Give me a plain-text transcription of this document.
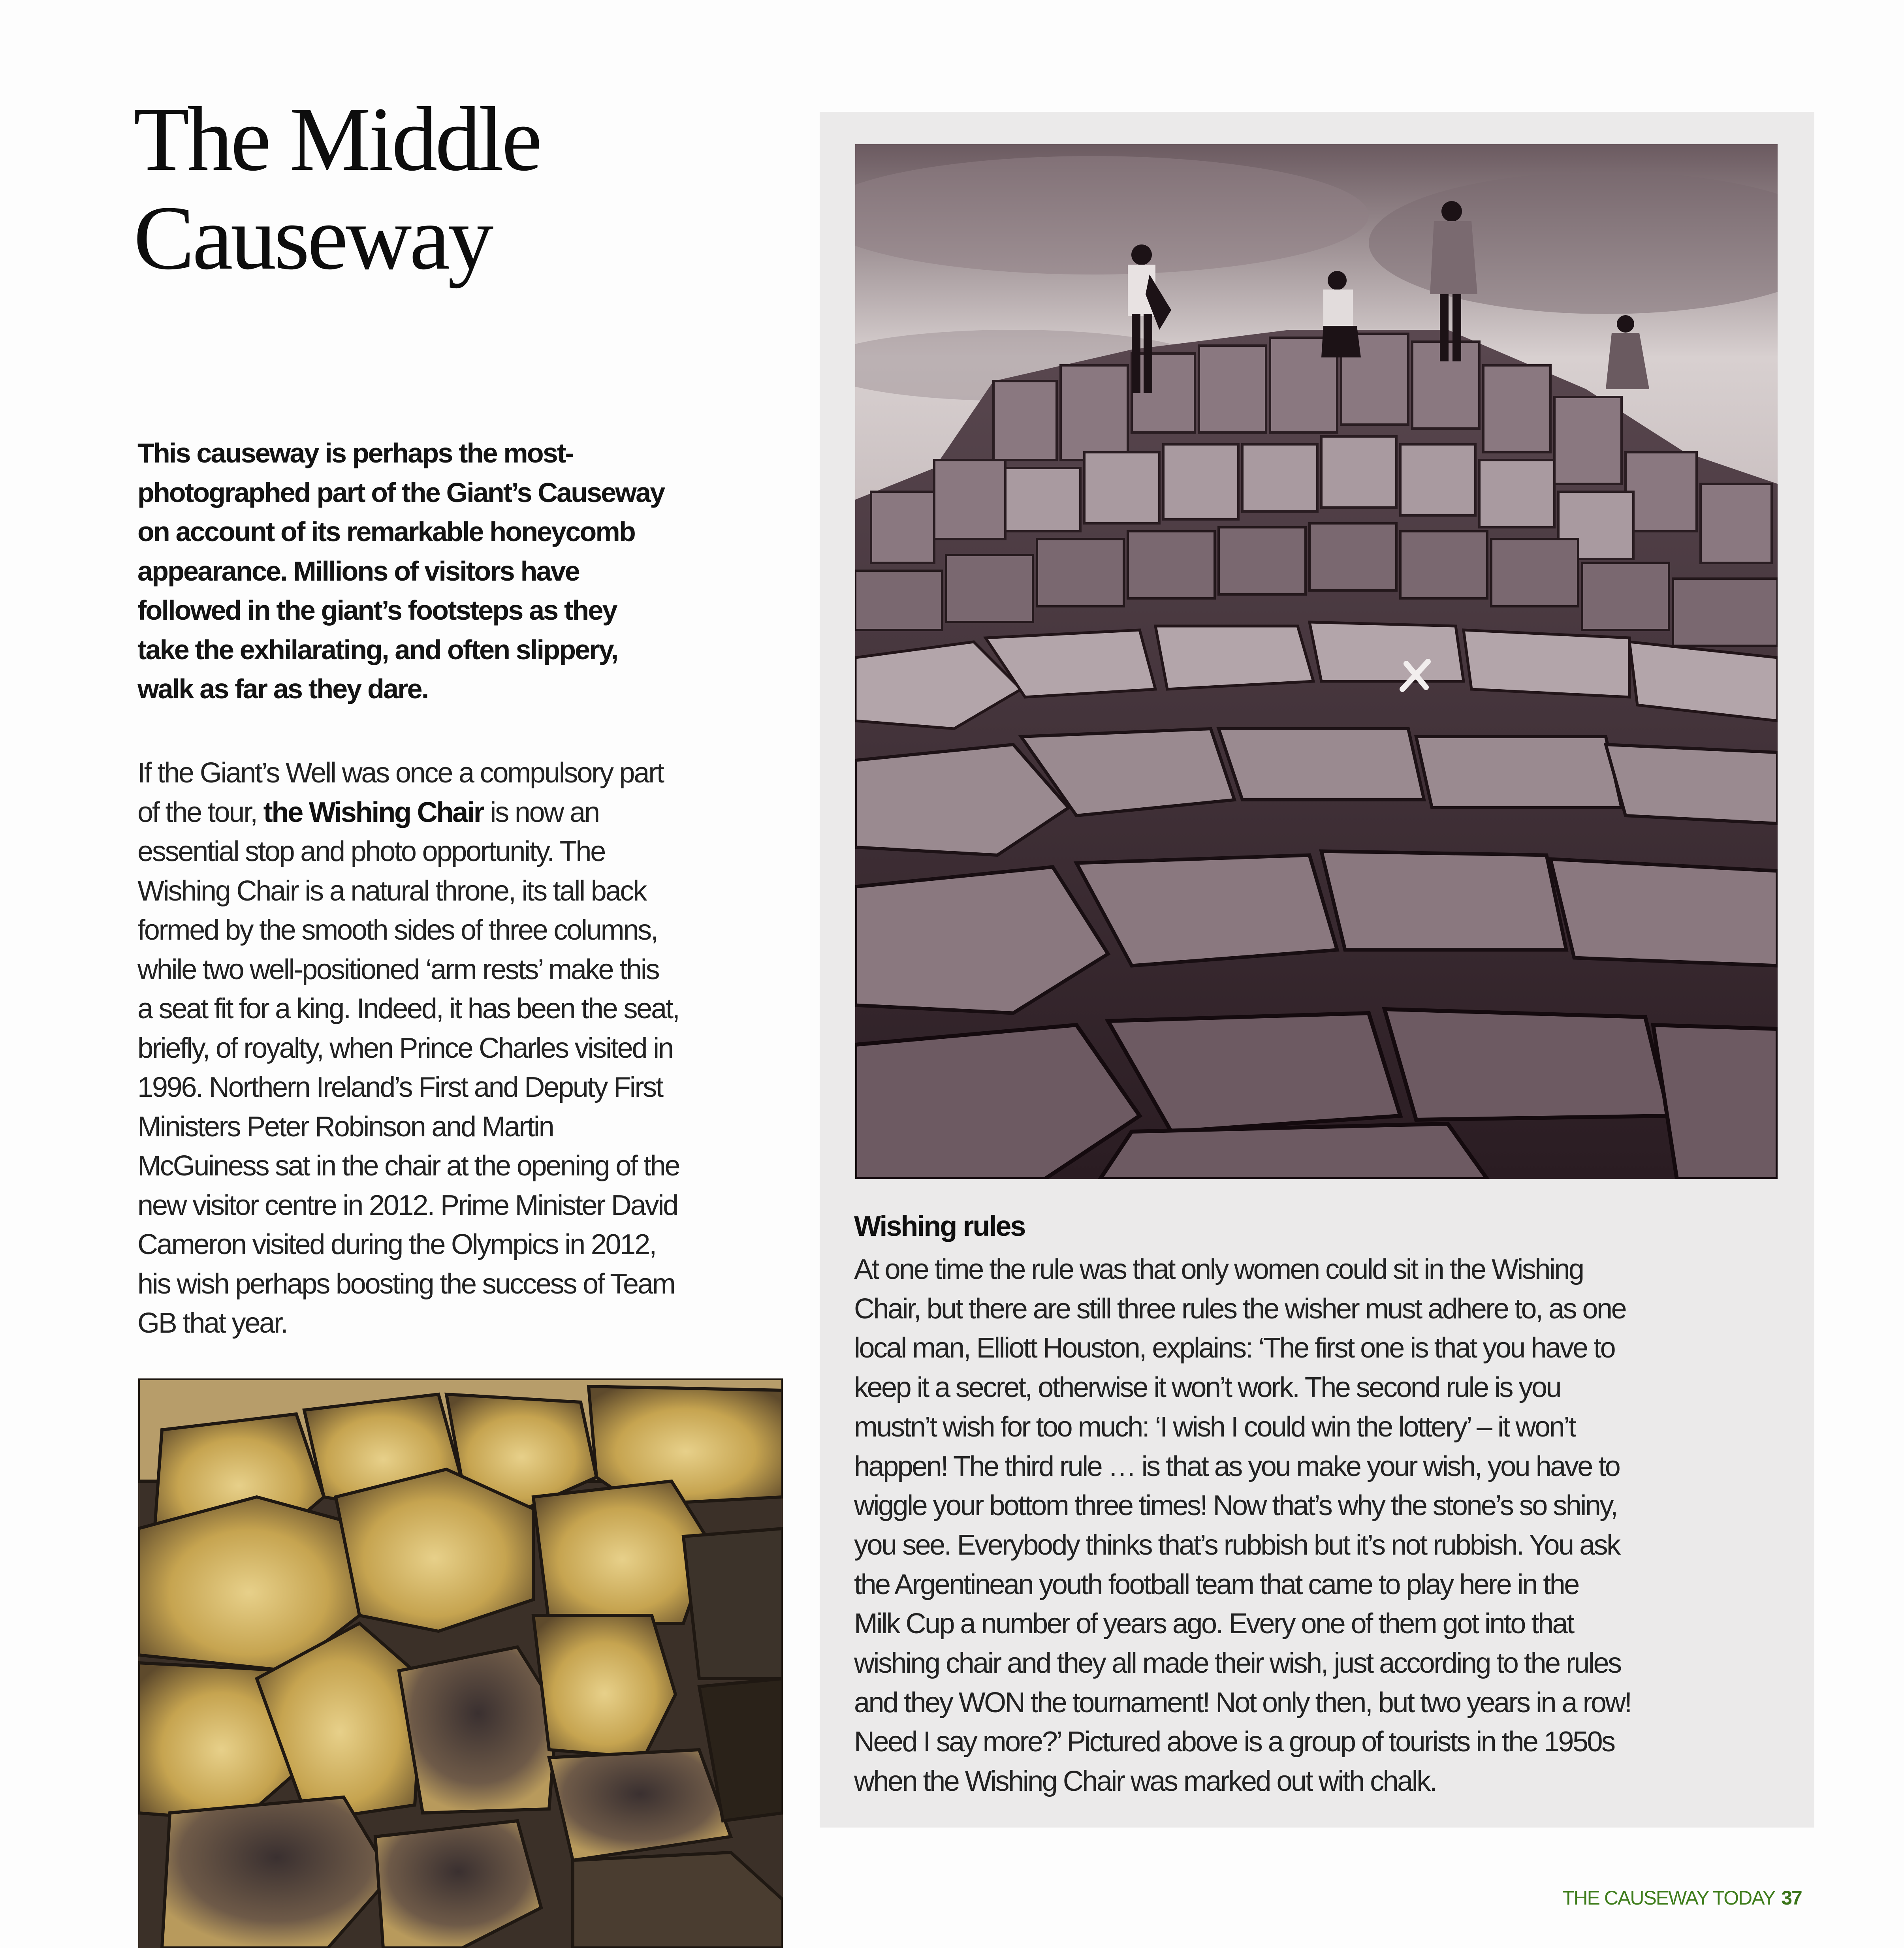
The Middle
Causeway
This causeway is perhaps the most-
photographed part of the Giant’s Causeway
on account of its remarkable honeycomb
appearance. Millions of visitors have
followed in the giant’s footsteps as they
take the exhilarating, and often slippery,
walk as far as they dare.
If the Giant’s Well was once a compulsory part
of the tour, the Wishing Chair is now an
essential stop and photo opportunity. The
Wishing Chair is a natural throne, its tall back
formed by the smooth sides of three columns,
while two well-positioned ‘arm rests’ make this
a seat fit for a king. Indeed, it has been the seat,
briefly, of royalty, when Prince Charles visited in
1996. Northern Ireland’s First and Deputy First
Ministers Peter Robinson and Martin
McGuiness sat in the chair at the opening of the
new visitor centre in 2012. Prime Minister David
Cameron visited during the Olympics in 2012,
his wish perhaps boosting the success of Team
GB that year.
Wishing rules
At one time the rule was that only women could sit in the Wishing
Chair, but there are still three rules the wisher must adhere to, as one
local man, Elliott Houston, explains: ‘The first one is that you have to
keep it a secret, otherwise it won’t work. The second rule is you
mustn’t wish for too much: ‘I wish I could win the lottery’ – it won’t
happen! The third rule … is that as you make your wish, you have to
wiggle your bottom three times! Now that’s why the stone’s so shiny,
you see. Everybody thinks that’s rubbish but it’s not rubbish. You ask
the Argentinean youth football team that came to play here in the
Milk Cup a number of years ago. Every one of them got into that
wishing chair and they all made their wish, just according to the rules
and they WON the tournament! Not only then, but two years in a row!
Need I say more?’ Pictured above is a group of tourists in the 1950s
when the Wishing Chair was marked out with chalk.
THE CAUSEWAY TODAY 37
